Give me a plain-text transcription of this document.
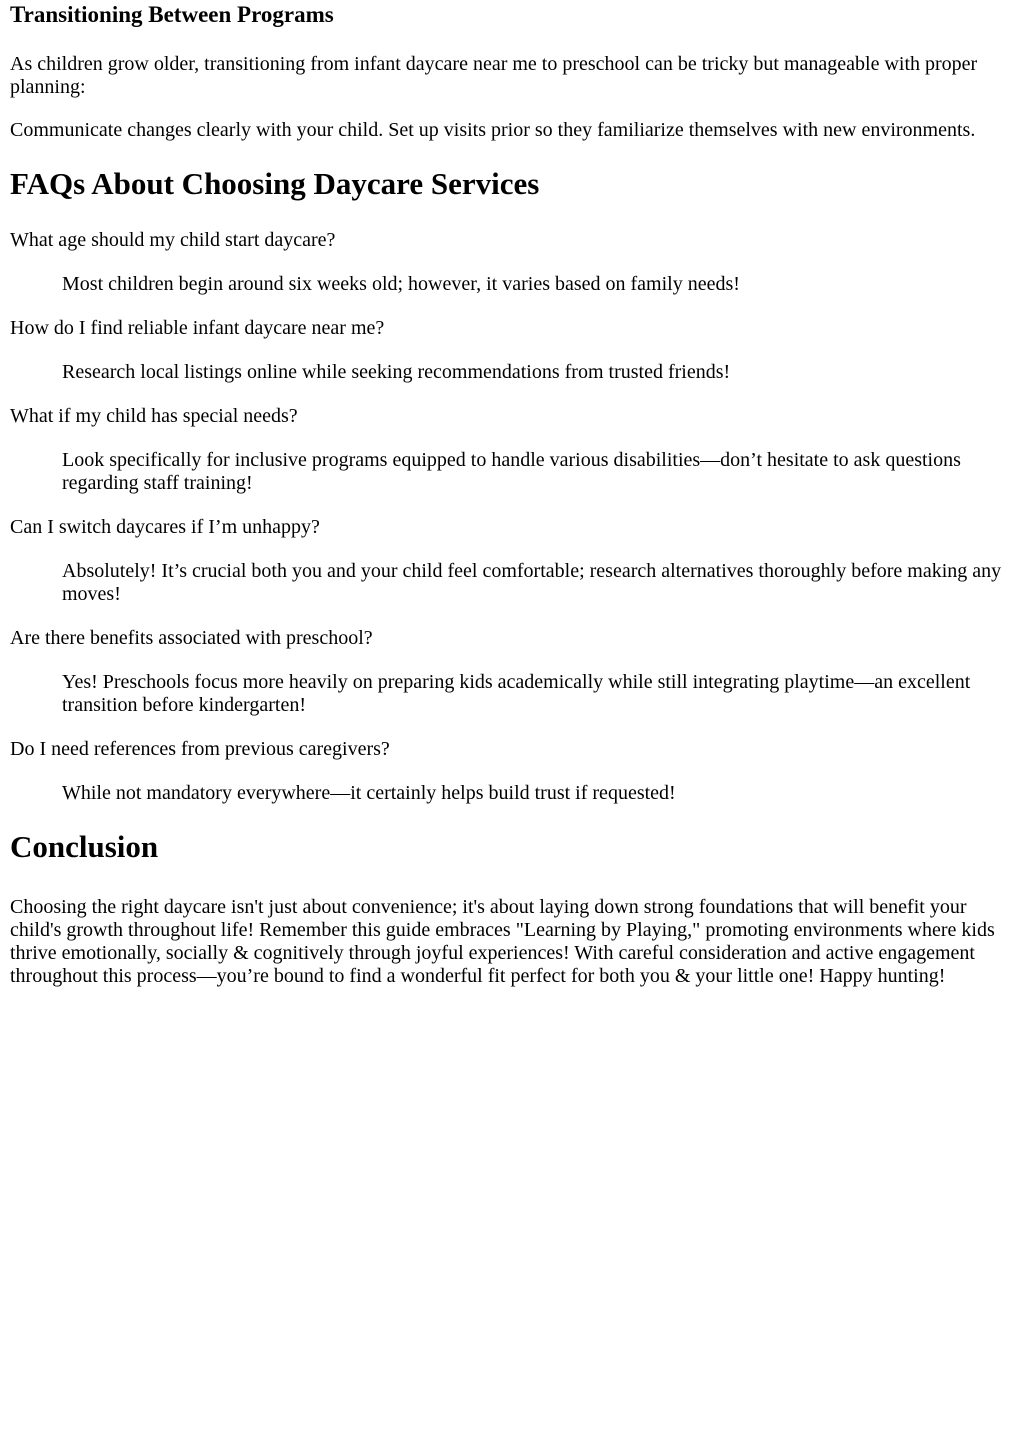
Transitioning Between Programs

As children grow older, transitioning from infant daycare near me to preschool can be tricky but manageable with proper planning:

Communicate changes clearly with your child. Set up visits prior so they familiarize themselves with new environments.

FAQs About Choosing Daycare Services
What age should my child start daycare?
Most children begin around six weeks old; however, it varies based on family needs!
How do I find reliable infant daycare near me?
Research local listings online while seeking recommendations from trusted friends!
What if my child has special needs?
Look specifically for inclusive programs equipped to handle various disabilities—don’t hesitate to ask questions regarding staff training!
Can I switch daycares if I’m unhappy?
Absolutely! It’s crucial both you and your child feel comfortable; research alternatives thoroughly before making any moves!
Are there benefits associated with preschool?
Yes! Preschools focus more heavily on preparing kids academically while still integrating playtime—an excellent transition before kindergarten!
Do I need references from previous caregivers?
While not mandatory everywhere—it certainly helps build trust if requested!
Conclusion

Choosing the right daycare isn't just about convenience; it's about laying down strong foundations that will benefit your child's growth throughout life! Remember this guide embraces "Learning by Playing," promoting environments where kids thrive emotionally, socially & cognitively through joyful experiences! With careful consideration and active engagement throughout this process—you’re bound to find a wonderful fit perfect for both you & your little one! Happy hunting!
